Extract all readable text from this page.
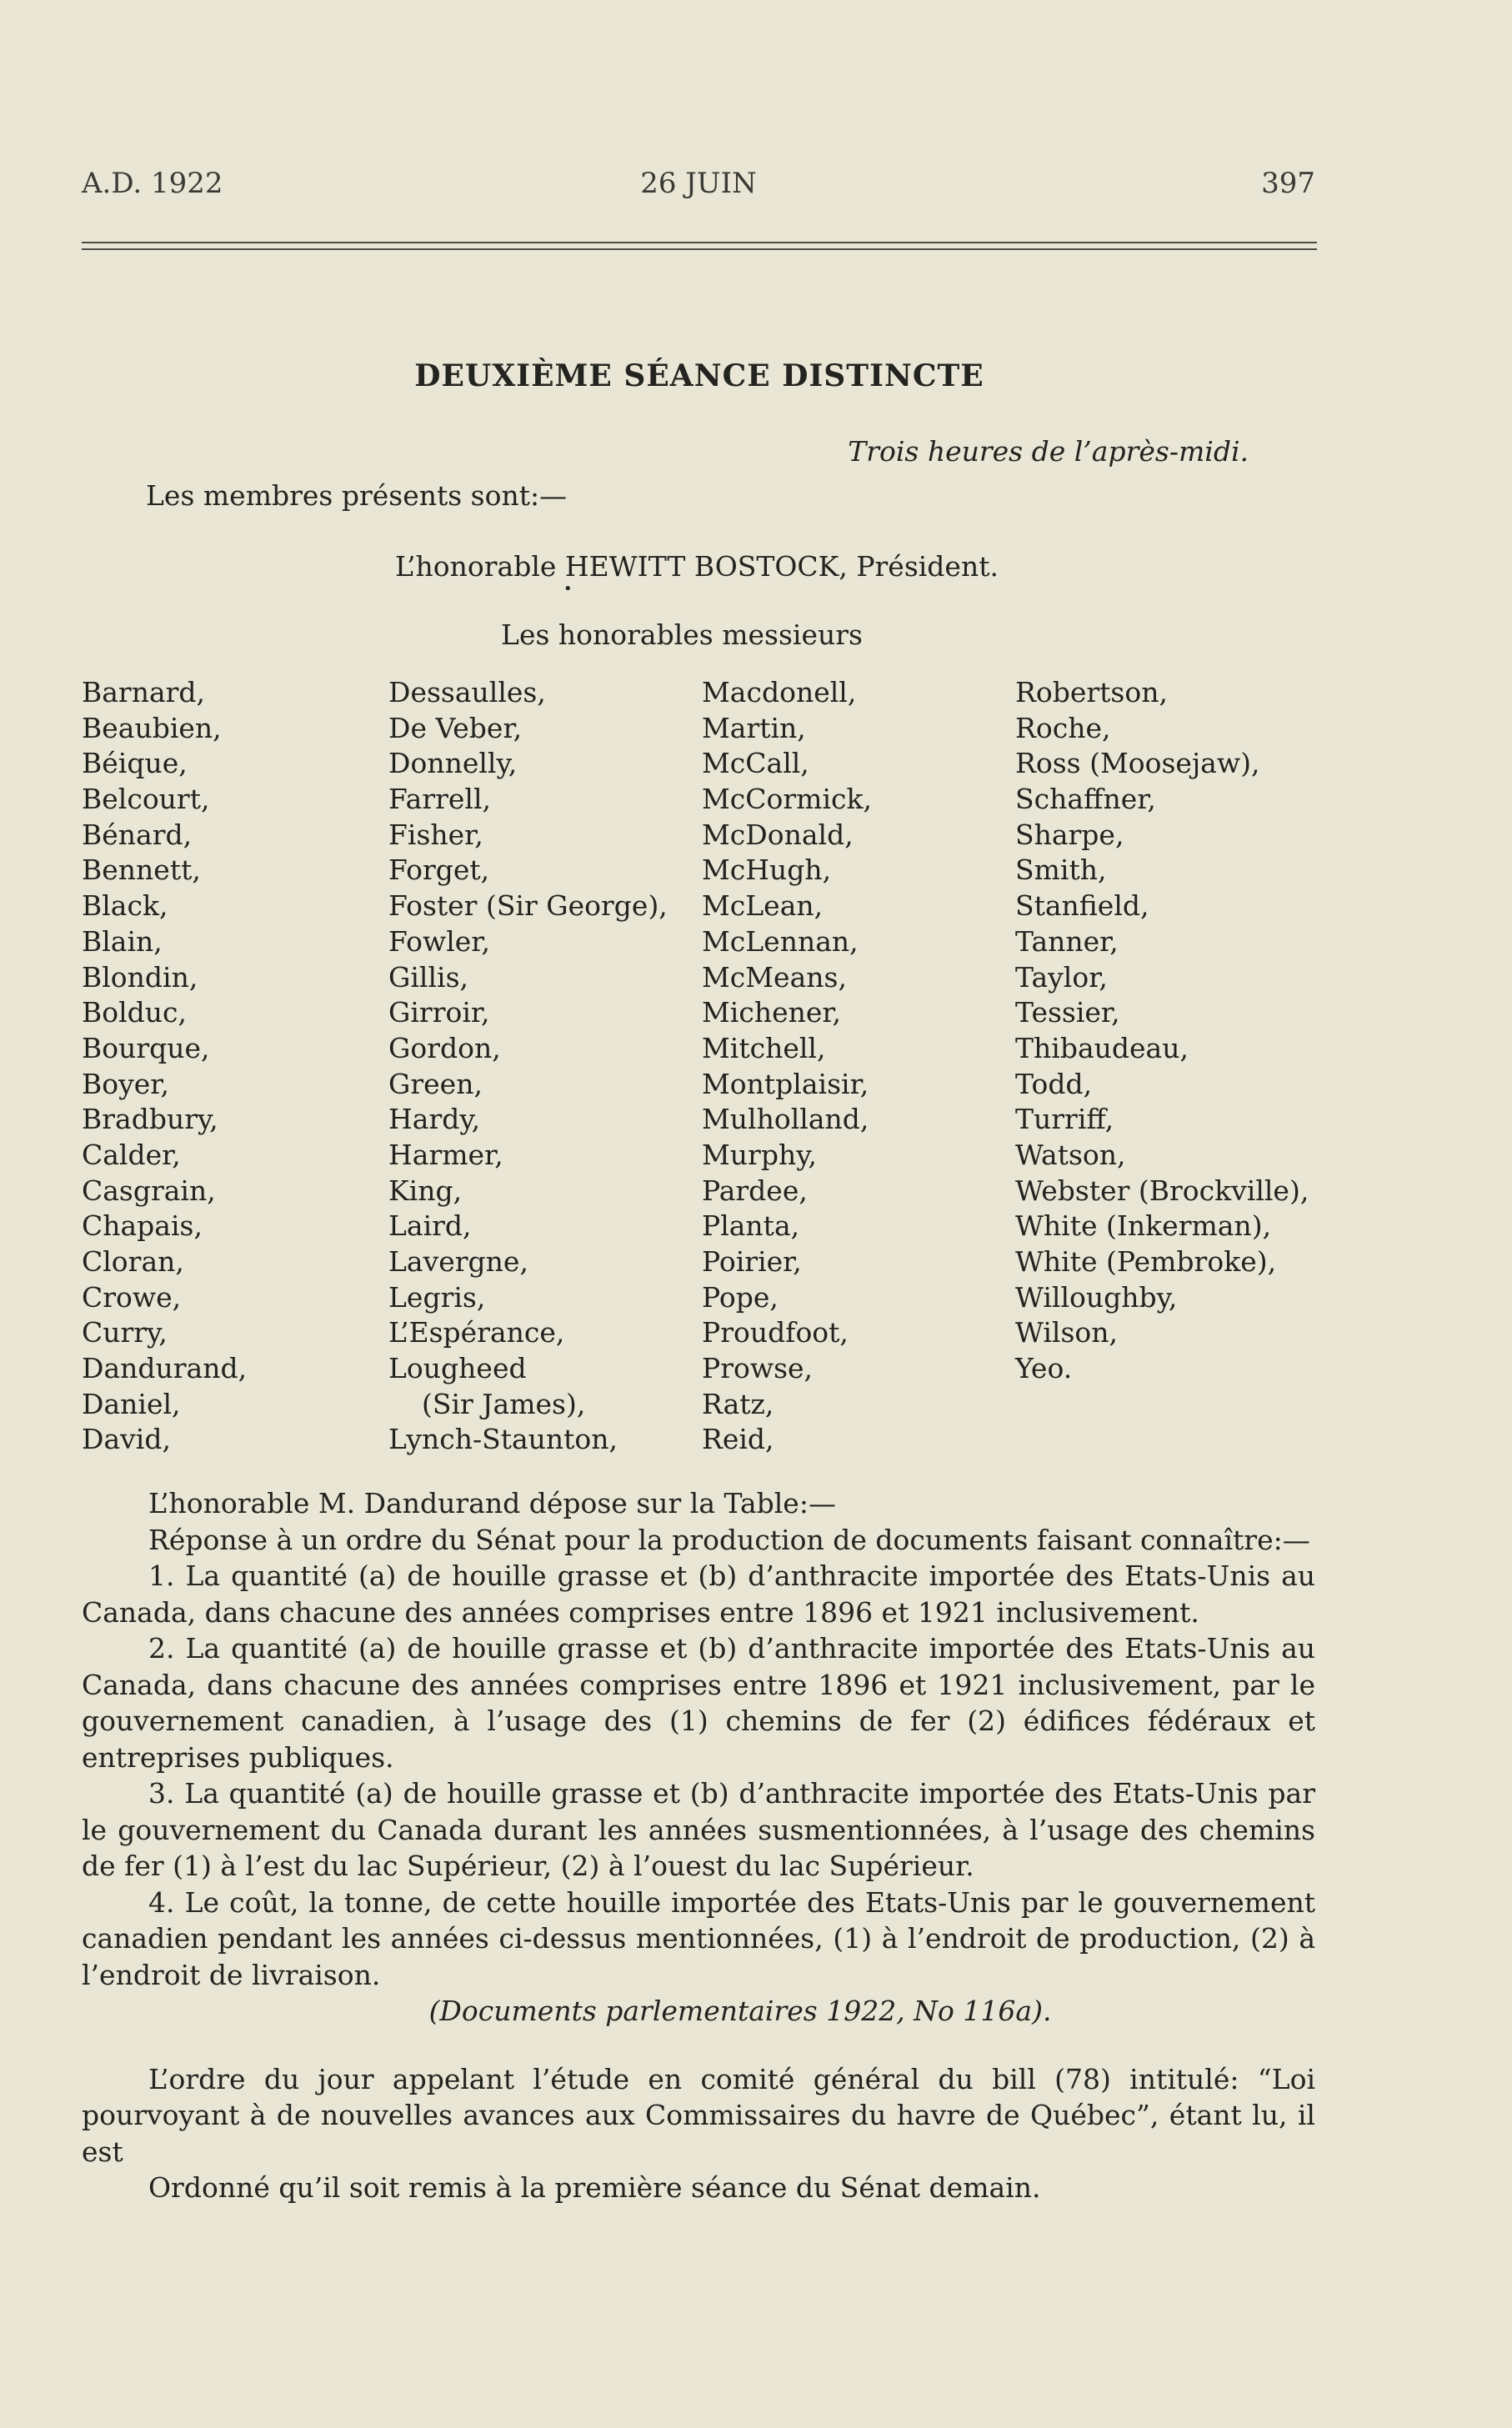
A.D. 1922	26 JUIN	397
DEUXIÈME SÉANCE DISTINCTE
Trois heures de l’après-midi.
Les membres présents sont:—
L’honorable HEWITT BOSTOCK, Président.
•
Les honorables messieurs
Barnard,
Beaubien,
Béique,
Belcourt,
Bénard,
Bennett,
Black,
Blain,
Blondin,
Bolduc,
Bourque,
Boyer,
Bradbury,
Calder,
Casgrain,
Chapais,
Cloran,
Crowe,
Curry,
Dandurand,
Daniel,
David,
Dessaulles,
De Veber,
Donnelly,
Farrell,
Fisher,
Forget,
Foster (Sir George),
Fowler,
Gillis,
Girroir,
Gordon,
Green,
Hardy,
Harmer,
King,
Laird,
Lavergne,
Legris,
L’Espérance,
Lougheed
(Sir James),
Lynch-Staunton,
Macdonell,
Martin,
McCall,
McCormick,
McDonald,
McHugh,
McLean,
McLennan,
McMeans,
Michener,
Mitchell,
Montplaisir,
Mulholland,
Murphy,
Pardee,
Planta,
Poirier,
Pope,
Proudfoot,
Prowse,
Ratz,
Reid,
Robertson,
Roche,
Ross (Moosejaw),
Schaffner,
Sharpe,
Smith,
Stanfield,
Tanner,
Taylor,
Tessier,
Thibaudeau,
Todd,
Turriff,
Watson,
Webster (Brockville),
White (Inkerman),
White (Pembroke),
Willoughby,
Wilson,
Yeo.

L’honorable M. Dandurand dépose sur la Table:—

Réponse à un ordre du Sénat pour la production de documents faisant connaître:—

1. La quantité (a) de houille grasse et (b) d’anthracite importée des Etats-Unis au Canada, dans chacune des années comprises entre 1896 et 1921 inclusivement.

2. La quantité (a) de houille grasse et (b) d’anthracite importée des Etats-Unis au Canada, dans chacune des années comprises entre 1896 et 1921 inclusivement, par le gouvernement canadien, à l’usage des (1) chemins de fer (2) édifices fédéraux et entreprises publiques.

3. La quantité (a) de houille grasse et (b) d’anthracite importée des Etats-Unis par le gouvernement du Canada durant les années susmentionnées, à l’usage des chemins de fer (1) à l’est du lac Supérieur, (2) à l’ouest du lac Supérieur.

4. Le coût, la tonne, de cette houille importée des Etats-Unis par le gouvernement canadien pendant les années ci-dessus mentionnées, (1) à l’endroit de production, (2) à l’endroit de livraison.

(Documents parlementaires 1922, No 116a).

L’ordre du jour appelant l’étude en comité général du bill (78) intitulé: “Loi pourvoyant à de nouvelles avances aux Commissaires du havre de Québec”, étant lu, il est

Ordonné qu’il soit remis à la première séance du Sénat demain.
